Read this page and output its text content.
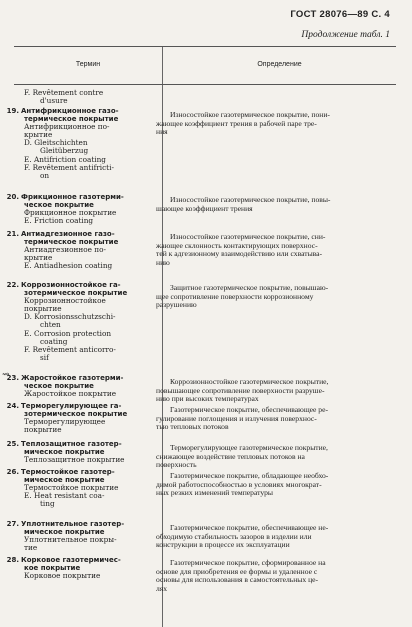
ГОСТ 28076—89 С. 4
Продолжение табл. 1
Термин	Определение
⇝
F. Revêtement contre
d'usure
19. Антифрикционное газо-
термическое покрытие
Антифрикционное по-
крытие
D. Gleitschichten
Gleitüberzug
E. Antifriction coating
F. Revêtement antifricti-
on
Износостойкое газотермическое покрытие, пони-
жающее коэффициент трения в рабочей паре тре-
ния
20. Фрикционное газотерми-
ческое покрытие
Фрикционное покрытие
E. Friction coating
Износостойкое газотермическое покрытие, повы-
шающее коэффициент трения
21. Антиадгезионное газо-
термическое покрытие
Антиадгезионное по-
крытие
E. Antiadhesion coating
Износостойкое газотермическое покрытие, сни-
жающее склонность контактирующих поверхнос-
тей к адгезионному взаимодействию или схватыва-
нию
22. Коррозионностойкое га-
зотермическое покрытие
Коррозионностойкое
покрытие
D. Korrosionsschutzschi-
chten
E. Corrosion protection
coating
F. Revêtement anticorro-
sif
Защитное газотермическое покрытие, повышаю-
щее сопротивление поверхности коррозионному
разрушению
23. Жаростойкое газотерми-
ческое покрытие
Жаростойкое покрытие
Коррозионностойкое газотермическое покрытие,
повышающее сопротивление поверхности разруше-
нию при высоких температурах
24. Терморегулирующее га-
зотермическое покрытие
Терморегулирующее
покрытие
Газотермическое покрытие, обеспечивающее ре-
гулирование поглощения и излучения поверхнос-
тью тепловых потоков
25. Теплозащитное газотер-
мическое покрытие
Теплозащитное покрытие
Терморегулирующее газотермическое покрытие,
снижающее воздействие тепловых потоков на
поверхность
26. Термостойкое газотер-
мическое покрытие
Термостойкое покрытие
E. Heat resistant coa-
ting
Газотермическое покрытие, обладающее необхо-
димой работоспособностью в условиях многократ-
ных резких изменений температуры
27. Уплотнительное газотер-
мическое покрытие
Уплотнительное покры-
тие
Газотермическое покрытие, обеспечивающее не-
обходимую стабильность зазоров в изделии или
конструкции в процессе их эксплуатации
28. Корковое газотермичес-
кое покрытие
Корковое покрытие
Газотермическое покрытие, сформированное на
основе для приобретения ее формы и удаленное с
основы для использования в самостоятельных це-
лях
